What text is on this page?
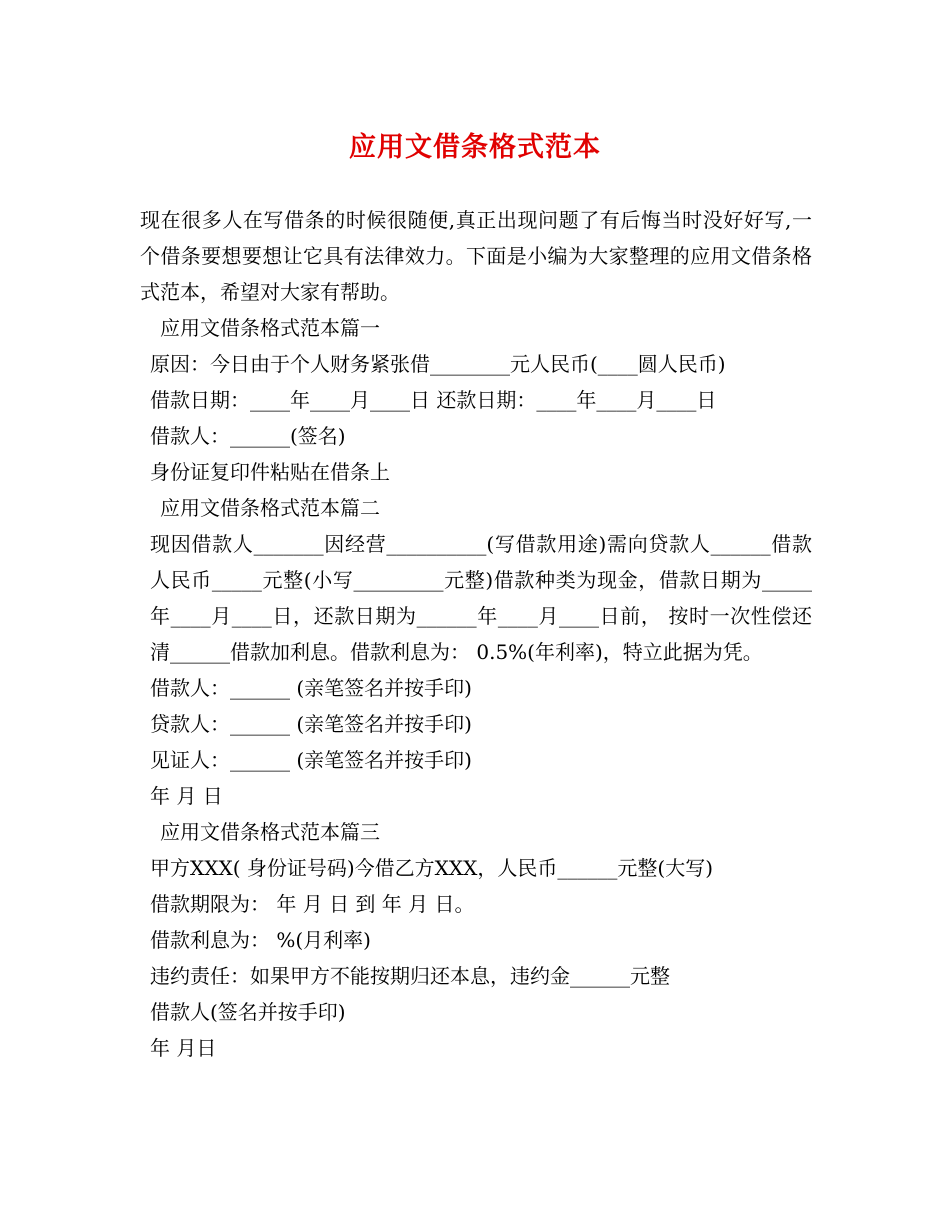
应用文借条格式范本

现在很多人在写借条的时候很随便,真正出现问题了有后悔当时没好好写,一个借条要想要想让它具有法律效力。下面是小编为大家整理的应用文借条格式范本，希望对大家有帮助。

应用文借条格式范本篇一

原因：今日由于个人财务紧张借________元人民币(____圆人民币)

借款日期：____年____月____日 还款日期：____年____月____日

借款人：______(签名)

身份证复印件粘贴在借条上

应用文借条格式范本篇二

现因借款人_______因经营__________(写借款用途)需向贷款人______借款人民币_____元整(小写_________元整)借款种类为现金，借款日期为_____年____月____日，还款日期为______年____月____日前， 按时一次性偿还清______借款加利息。借款利息为： 0.5%(年利率)，特立此据为凭。

借款人：______ (亲笔签名并按手印)

贷款人：______ (亲笔签名并按手印)

见证人：______ (亲笔签名并按手印)

年 月 日

应用文借条格式范本篇三

甲方XXX( 身份证号码)今借乙方XXX，人民币______元整(大写)

借款期限为： 年 月 日 到 年 月 日。

借款利息为： %(月利率)

违约责任：如果甲方不能按期归还本息，违约金______元整

借款人(签名并按手印)

年 月日
